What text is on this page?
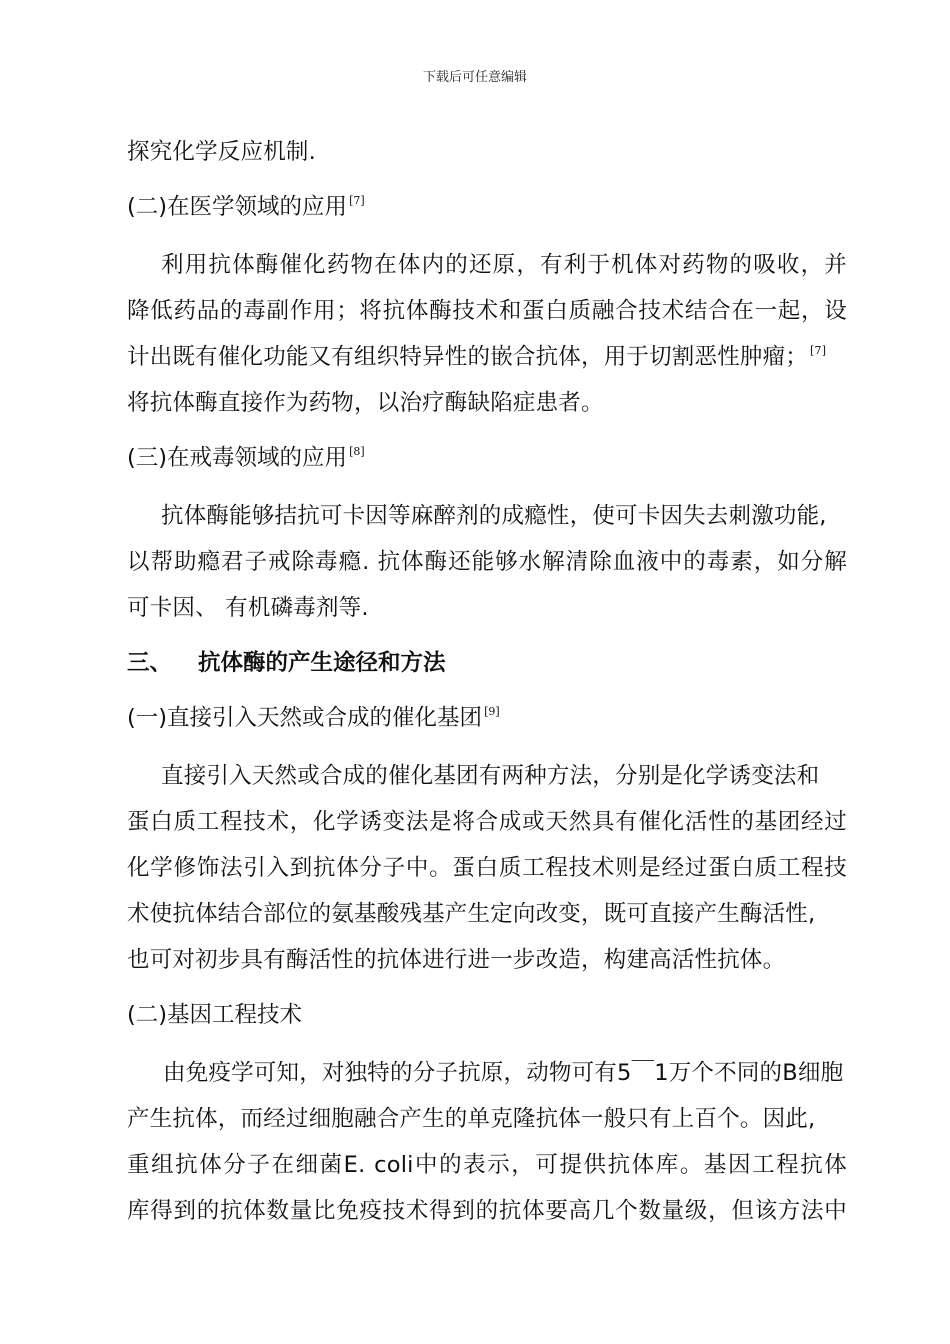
下载后可任意编辑
探究化学反应机制.
(二)在医学领域的应用 [7]
利用抗体酶催化药物在体内的还原，有利于机体对药物的吸收，并
降低药品的毒副作用；将抗体酶技术和蛋白质融合技术结合在一起，设
计出既有催化功能又有组织特异性的嵌合抗体，用于切割恶性肿瘤； [7]
将抗体酶直接作为药物，以治疗酶缺陷症患者。
(三)在戒毒领域的应用 [8]
抗体酶能够拮抗可卡因等麻醉剂的成瘾性，使可卡因失去刺激功能,
以帮助瘾君子戒除毒瘾. 抗体酶还能够水解清除血液中的毒素，如分解
可卡因、 有机磷毒剂等.
三、 抗体酶的产生途径和方法
(一)直接引入天然或合成的催化基团 [9]
直接引入天然或合成的催化基团有两种方法，分别是化学诱变法和
蛋白质工程技术，化学诱变法是将合成或天然具有催化活性的基团经过
化学修饰法引入到抗体分子中。蛋白质工程技术则是经过蛋白质工程技
术使抗体结合部位的氨基酸残基产生定向改变，既可直接产生酶活性,
也可对初步具有酶活性的抗体进行进一步改造，构建高活性抗体。
(二)基因工程技术
由免疫学可知，对独特的分子抗原，动物可有5￣1万个不同的B细胞
产生抗体，而经过细胞融合产生的单克隆抗体一般只有上百个。因此,
重组抗体分子在细菌E. coli中的表示，可提供抗体库。基因工程抗体
库得到的抗体数量比免疫技术得到的抗体要高几个数量级，但该方法中
